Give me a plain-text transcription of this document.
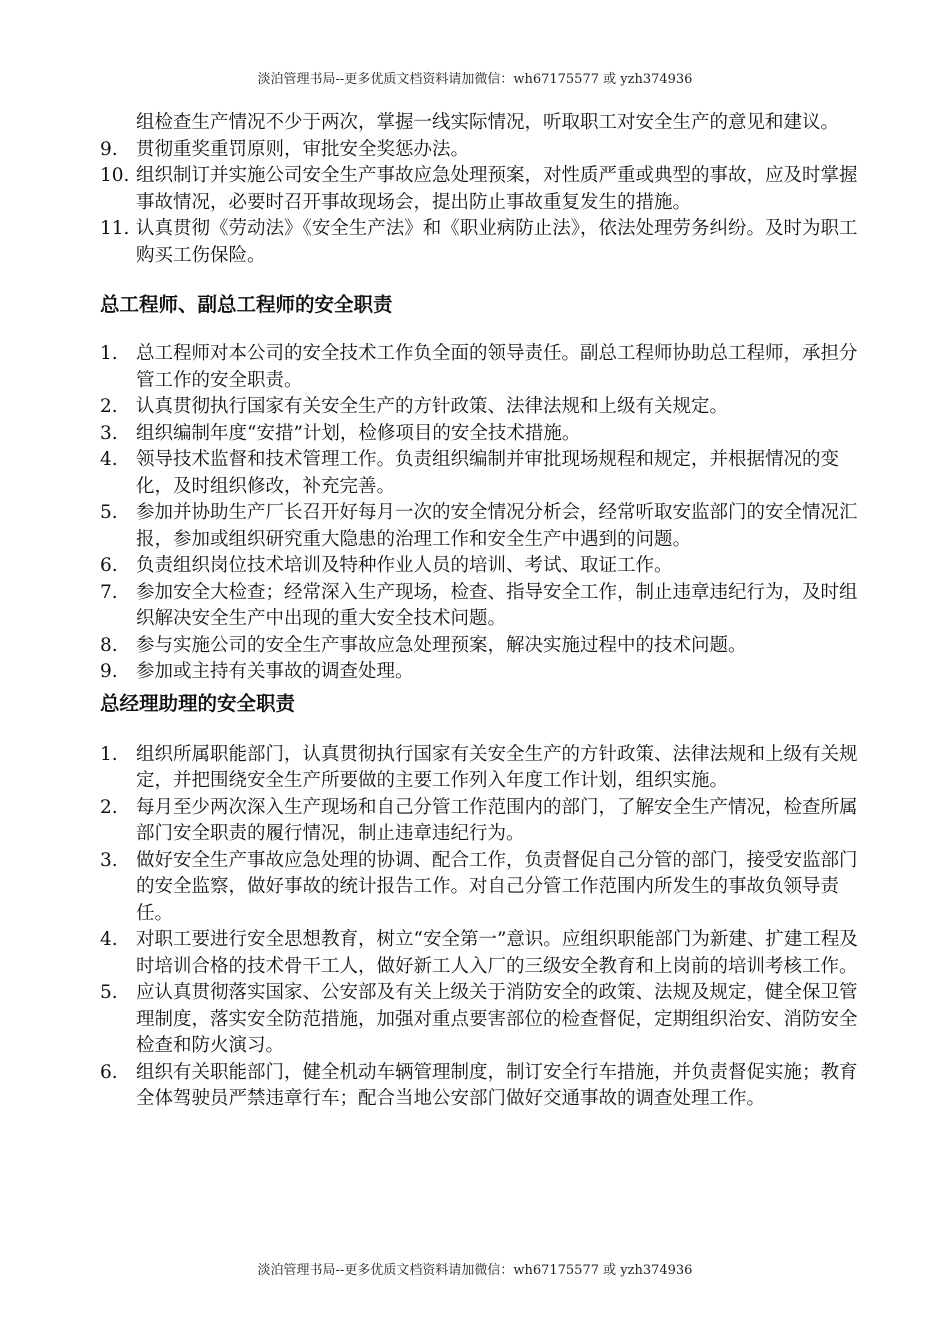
淡泊管理书局--更多优质文档资料请加微信：wh67175577 或 yzh374936
组检查生产情况不少于两次，掌握一线实际情况，听取职工对安全生产的意见和建议。
9. 贯彻重奖重罚原则，审批安全奖惩办法。
10. 组织制订并实施公司安全生产事故应急处理预案，对性质严重或典型的事故，应及时掌握事故情况，必要时召开事故现场会，提出防止事故重复发生的措施。
11. 认真贯彻《劳动法》《安全生产法》和《职业病防止法》，依法处理劳务纠纷。及时为职工购买工伤保险。
总工程师、副总工程师的安全职责
1. 总工程师对本公司的安全技术工作负全面的领导责任。副总工程师协助总工程师，承担分管工作的安全职责。
2. 认真贯彻执行国家有关安全生产的方针政策、法律法规和上级有关规定。
3. 组织编制年度“安措”计划，检修项目的安全技术措施。
4. 领导技术监督和技术管理工作。负责组织编制并审批现场规程和规定，并根据情况的变化，及时组织修改，补充完善。
5. 参加并协助生产厂长召开好每月一次的安全情况分析会，经常听取安监部门的安全情况汇报，参加或组织研究重大隐患的治理工作和安全生产中遇到的问题。
6. 负责组织岗位技术培训及特种作业人员的培训、考试、取证工作。
7. 参加安全大检查；经常深入生产现场，检查、指导安全工作，制止违章违纪行为，及时组织解决安全生产中出现的重大安全技术问题。
8. 参与实施公司的安全生产事故应急处理预案，解决实施过程中的技术问题。
9. 参加或主持有关事故的调查处理。
总经理助理的安全职责
1. 组织所属职能部门，认真贯彻执行国家有关安全生产的方针政策、法律法规和上级有关规定，并把围绕安全生产所要做的主要工作列入年度工作计划，组织实施。
2. 每月至少两次深入生产现场和自己分管工作范围内的部门，了解安全生产情况，检查所属部门安全职责的履行情况，制止违章违纪行为。
3. 做好安全生产事故应急处理的协调、配合工作，负责督促自己分管的部门，接受安监部门的安全监察，做好事故的统计报告工作。对自己分管工作范围内所发生的事故负领导责任。
4. 对职工要进行安全思想教育，树立“安全第一”意识。应组织职能部门为新建、扩建工程及时培训合格的技术骨干工人，做好新工人入厂的三级安全教育和上岗前的培训考核工作。
5. 应认真贯彻落实国家、公安部及有关上级关于消防安全的政策、法规及规定，健全保卫管理制度，落实安全防范措施，加强对重点要害部位的检查督促，定期组织治安、消防安全检查和防火演习。
6. 组织有关职能部门，健全机动车辆管理制度，制订安全行车措施，并负责督促实施；教育全体驾驶员严禁违章行车；配合当地公安部门做好交通事故的调查处理工作。
淡泊管理书局--更多优质文档资料请加微信：wh67175577 或 yzh374936
